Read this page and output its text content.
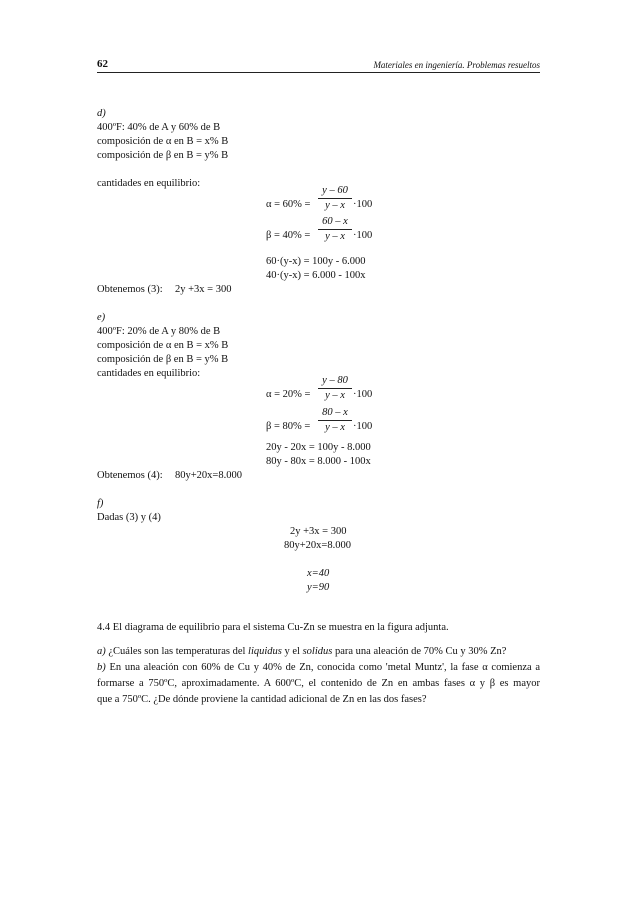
62	Materiales en ingeniería. Problemas resueltos
d)
400ºF: 40% de A y 60% de B
composición de α en B = x% B
composición de β en B = y% B
cantidades en equilibrio:
α = 60% =
y – 60
y – x ·100
β = 40% =
60 – x
y – x ·100
60·(y-x) = 100y - 6.000
40·(y-x) = 6.000 - 100x
Obtenemos (3): 2y +3x = 300
e)
400ºF: 20% de A y 80% de B
composición de α en B = x% B
composición de β en B = y% B
cantidades en equilibrio:
α = 20% =
y – 80
y – x ·100
β = 80% =
80 – x
y – x ·100
20y - 20x = 100y - 8.000
80y - 80x = 8.000 - 100x
Obtenemos (4): 80y+20x=8.000
f)
Dadas (3) y (4)
2y +3x = 300
80y+20x=8.000
x=40
y=90
4.4 El diagrama de equilibrio para el sistema Cu-Zn se muestra en la figura adjunta.
a) ¿Cuáles son las temperaturas del liquidus y el solidus para una aleación de 70% Cu y 30% Zn?
b) En una aleación con 60% de Cu y 40% de Zn, conocida como 'metal Muntz', la fase α comienza a
formarse a 750ºC, aproximadamente. A 600ºC, el contenido de Zn en ambas fases α y β es mayor
que a 750ºC. ¿De dónde proviene la cantidad adicional de Zn en las dos fases?
